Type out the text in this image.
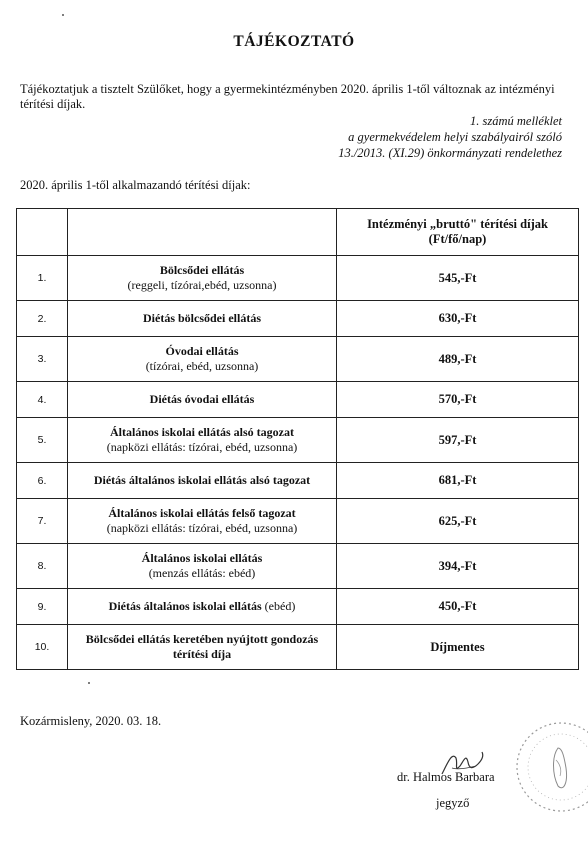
TÁJÉKOZTATÓ

Tájékoztatjuk a tisztelt Szülőket, hogy a gyermekintézményben 2020. április 1-től változnak az intézményi térítési díjak.

1. számú melléklet
a gyermekvédelem helyi szabályairól szóló
13./2013. (XI.29) önkormányzati rendelethez
2020. április 1-től alkalmazandó térítési díjak:

		Intézményi „bruttó" térítési díjak
(Ft/fő/nap)

1.	Bölcsődei ellátás
(reggeli, tízórai,ebéd, uzsonna)	545,-Ft
2.	Diétás bölcsődei ellátás	630,-Ft
3.	Óvodai ellátás
(tízórai, ebéd, uzsonna)	489,-Ft
4.	Diétás óvodai ellátás	570,-Ft
5.	Általános iskolai ellátás alsó tagozat
(napközi ellátás: tízórai, ebéd, uzsonna)	597,-Ft
6.	Diétás általános iskolai ellátás alsó tagozat	681,-Ft
7.	Általános iskolai ellátás felső tagozat
(napközi ellátás: tízórai, ebéd, uzsonna)	625,-Ft
8.	Általános iskolai ellátás
(menzás ellátás: ebéd)	394,-Ft
9.	Diétás általános iskolai ellátás (ebéd)	450,-Ft
10.	Bölcsődei ellátás keretében nyújtott gondozás térítési díja	Díjmentes
Kozármisleny, 2020. 03. 18.
dr. Halmos Barbara
jegyző
